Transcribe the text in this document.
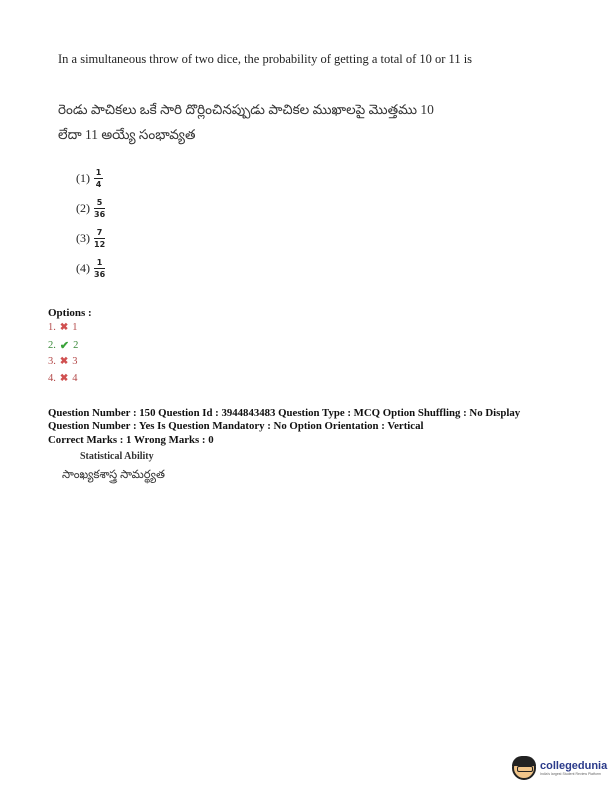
In a simultaneous throw of two dice, the probability of getting a total of 10 or 11 is
రెండు పాచికలు ఒకే సారి దొర్లించినప్పుడు పాచికల ముఖాలపై మొత్తము 10
లేదా 11 అయ్యే సంభావ్యత
$(1) \frac{1}{4}$
$(2) \frac{5}{36}$
$(3) \frac{7}{12}$
$(4) \frac{1}{36}$
Options :
1. ✖ 1
2. ✔ 2
3. ✖ 3
4. ✖ 4
Question Number : 150 Question Id : 3944843483 Question Type : MCQ Option Shuffling : No Display
Question Number : Yes Is Question Mandatory : No Option Orientation : Vertical
Correct Marks : 1 Wrong Marks : 0
Statistical Ability
సాంఖ్యకశాస్త్ర సామర్థ్యత
collegedunia
India's largest Student Review Platform
